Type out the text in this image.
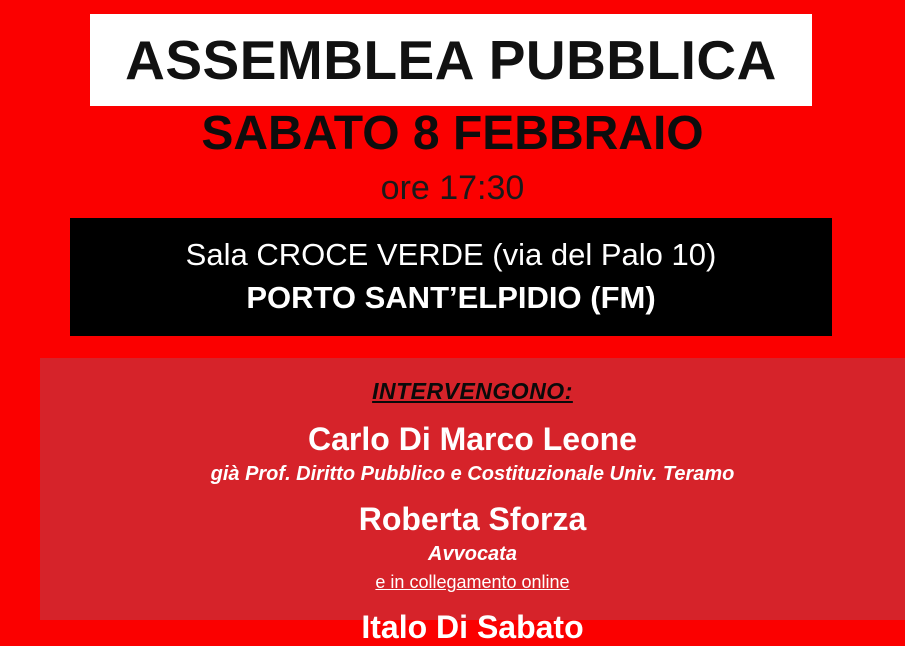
ASSEMBLEA PUBBLICA
SABATO 8 FEBBRAIO
ore 17:30
Sala CROCE VERDE (via del Palo 10)
PORTO SANT’ELPIDIO (FM)
INTERVENGONO:
Carlo Di Marco Leone
già Prof. Diritto Pubblico e Costituzionale Univ. Teramo
Roberta Sforza
Avvocata
e in collegamento online
Italo Di Sabato
